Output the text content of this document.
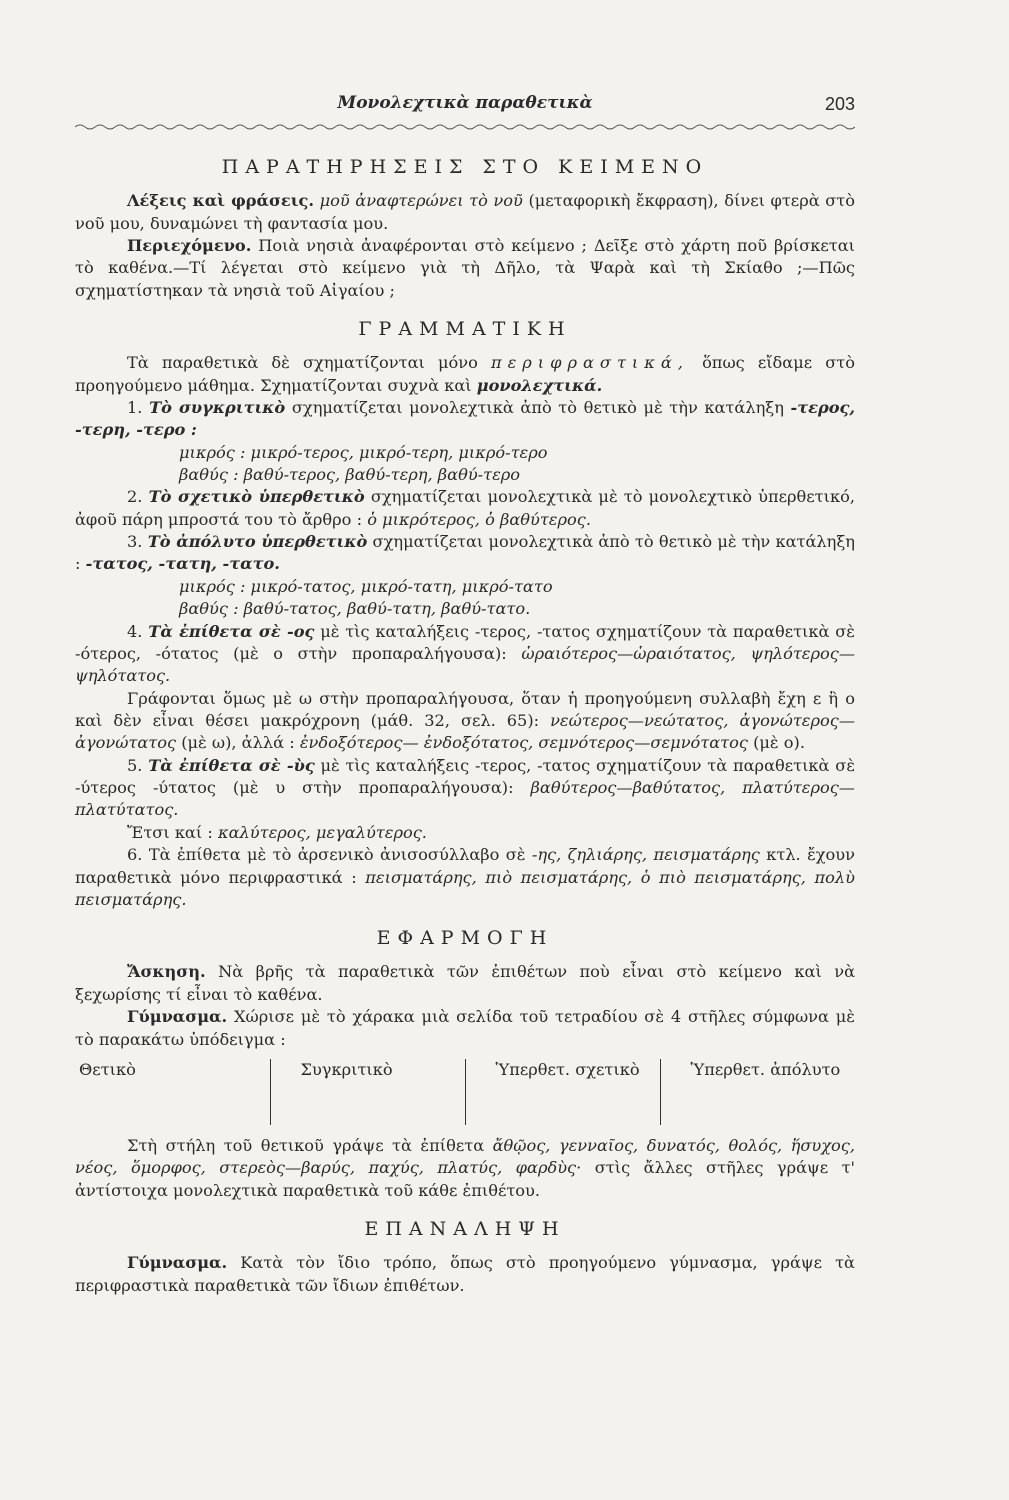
Μονολεχτικὰ παραθετικὰ	203
ΠΑΡΑΤΗΡΗΣΕΙΣ ΣΤΟ ΚΕΙΜΕΝΟ

Λέξεις καὶ φράσεις. μοῦ ἀναφτερώνει τὸ νοῦ (μεταφορικὴ ἔκφραση), δίνει φτερὰ στὸ νοῦ μου, δυναμώνει τὴ φαντασία μου.

Περιεχόμενο. Ποιὰ νησιὰ ἀναφέρονται στὸ κείμενο ; Δεῖξε στὸ χάρτη ποῦ βρίσκεται τὸ καθένα.—Τί λέγεται στὸ κείμενο γιὰ τὴ Δῆλο, τὰ Ψαρὰ καὶ τὴ Σκίαθο ;—Πῶς σχηματίστηκαν τὰ νησιὰ τοῦ Αἰγαίου ;

ΓΡΑΜΜΑΤΙΚΗ

Τὰ παραθετικὰ δὲ σχηματίζονται μόνο περιφραστικά, ὅπως εἴδαμε στὸ προηγούμενο μάθημα. Σχηματίζονται συχνὰ καὶ μονολεχτικά.

1. Τὸ συγκριτικὸ σχηματίζεται μονολεχτικὰ ἀπὸ τὸ θετικὸ μὲ τὴν κατάληξη -τερος, -τερη, -τερο :

μικρός : μικρό-τερος, μικρό-τερη, μικρό-τερο

βαθύς : βαθύ-τερος, βαθύ-τερη, βαθύ-τερο

2. Τὸ σχετικὸ ὑπερθετικὸ σχηματίζεται μονολεχτικὰ μὲ τὸ μονολεχτικὸ ὑπερθετικό, ἀφοῦ πάρη μπροστά του τὸ ἄρθρο : ὁ μικρότερος, ὁ βαθύτερος.

3. Τὸ ἀπόλυτο ὑπερθετικὸ σχηματίζεται μονολεχτικὰ ἀπὸ τὸ θετικὸ μὲ τὴν κατάληξη : -τατος, -τατη, -τατο.

μικρός : μικρό-τατος, μικρό-τατη, μικρό-τατο

βαθύς : βαθύ-τατος, βαθύ-τατη, βαθύ-τατο.

4. Τὰ ἐπίθετα σὲ -ος μὲ τὶς καταλήξεις -τερος, -τατος σχηματίζουν τὰ παραθετικὰ σὲ -ότερος, -ότατος (μὲ ο στὴν προπαραλήγουσα): ὡραιότερος—ὡραιότατος, ψηλότερος—ψηλότατος.

Γράφονται ὅμως μὲ ω στὴν προπαραλήγουσα, ὅταν ἡ προηγούμενη συλλαβὴ ἔχη ε ἢ ο καὶ δὲν εἶναι θέσει μακρόχρονη (μάθ. 32, σελ. 65): νεώτερος—νεώτατος, ἀγονώτερος—ἀγονώτατος (μὲ ω), ἀλλά : ἐνδοξότερος— ἐνδοξότατος, σεμνότερος—σεμνότατος (μὲ ο).

5. Τὰ ἐπίθετα σὲ -ὺς μὲ τὶς καταλήξεις -τερος, -τατος σχηματίζουν τὰ παραθετικὰ σὲ -ύτερος -ύτατος (μὲ υ στὴν προπαραλήγουσα): βαθύτερος—βαθύτατος, πλατύτερος—πλατύτατος.

Ἔτσι καί : καλύτερος, μεγαλύτερος.

6. Τὰ ἐπίθετα μὲ τὸ ἀρσενικὸ ἀνισοσύλλαβο σὲ -ης, ζηλιάρης, πεισματάρης κτλ. ἔχουν παραθετικὰ μόνο περιφραστικά : πεισματάρης, πιὸ πεισματάρης, ὁ πιὸ πεισματάρης, πολὺ πεισματάρης.

ΕΦΑΡΜΟΓΗ

Ἄσκηση. Νὰ βρῆς τὰ παραθετικὰ τῶν ἐπιθέτων ποὺ εἶναι στὸ κείμενο καὶ νὰ ξεχωρίσης τί εἶναι τὸ καθένα.

Γύμνασμα. Χώρισε μὲ τὸ χάρακα μιὰ σελίδα τοῦ τετραδίου σὲ 4 στῆλες σύμφωνα μὲ τὸ παρακάτω ὑπόδειγμα :

Θετικὸ	Συγκριτικὸ	Ὑπερθετ. σχετικὸ	Ὑπερθετ. ἀπόλυτο

Στὴ στήλη τοῦ θετικοῦ γράψε τὰ ἐπίθετα ἄθῷος, γενναῖος, δυνατός, θολός, ἥσυχος, νέος, ὅμορφος, στερεὸς—βαρύς, παχύς, πλατύς, φαρδὺς· στὶς ἄλλες στῆλες γράψε τ' ἀντίστοιχα μονολεχτικὰ παραθετικὰ τοῦ κάθε ἐπιθέτου.

ΕΠΑΝΑΛΗΨΗ

Γύμνασμα. Κατὰ τὸν ἴδιο τρόπο, ὅπως στὸ προηγούμενο γύμνασμα, γράψε τὰ περιφραστικὰ παραθετικὰ τῶν ἴδιων ἐπιθέτων.
